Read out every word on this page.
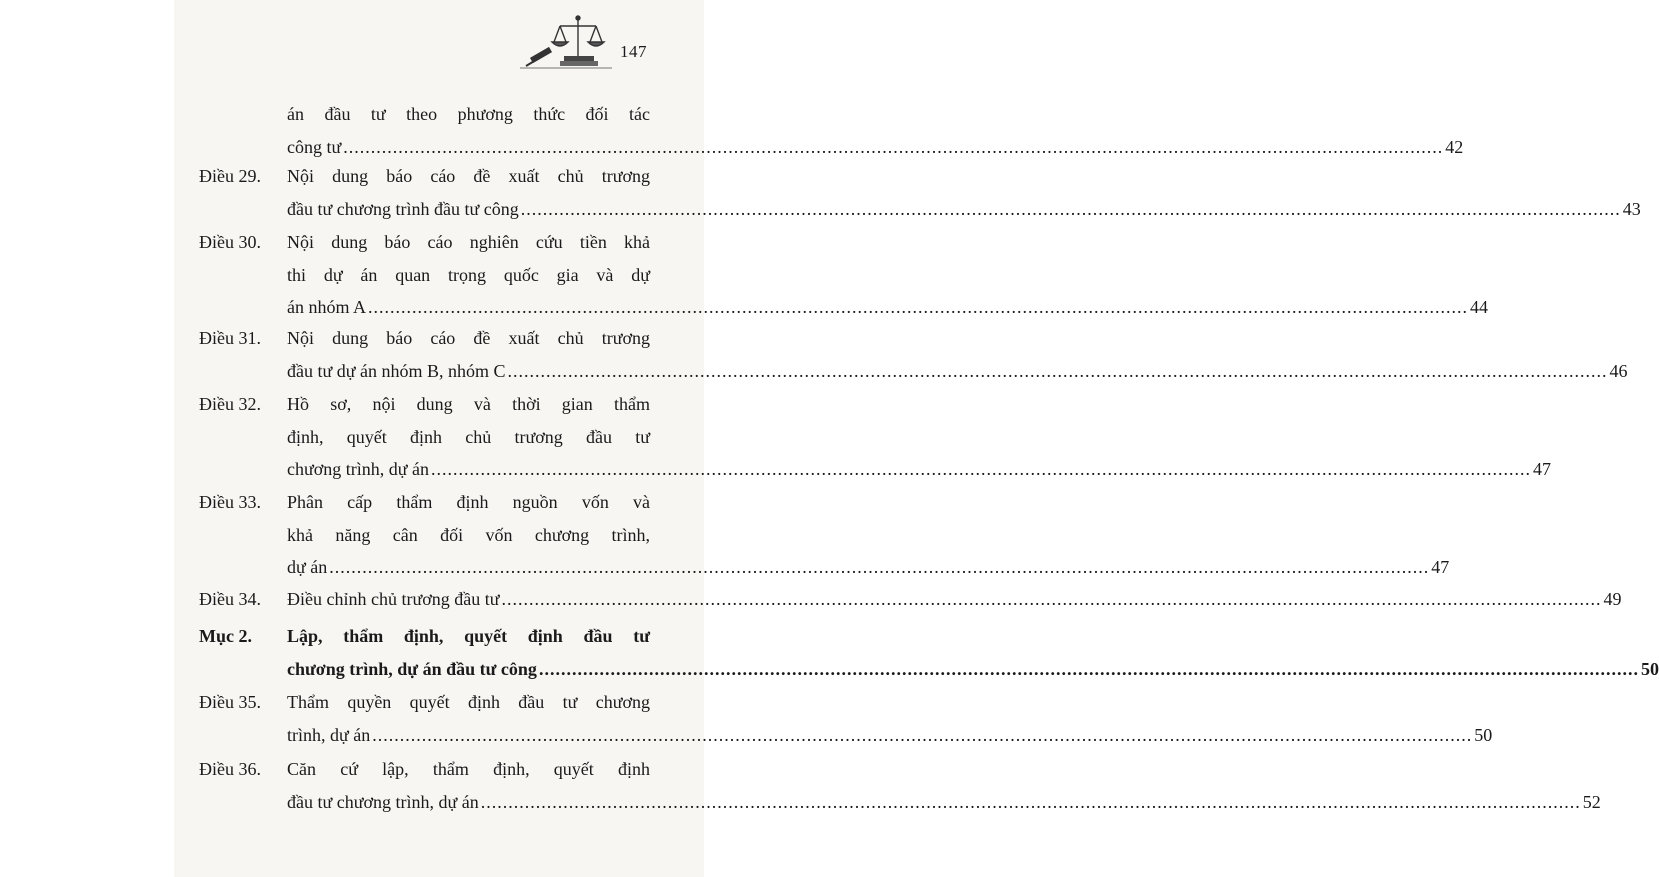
147
án đầu tư theo phương thức đối tác
công tư ........................................................................................................................................................................................................ 42
Điều 29. Nội dung báo cáo đề xuất chủ trương
đầu tư chương trình đầu tư công ........................................................................................................................................................................................................ 43
Điều 30. Nội dung báo cáo nghiên cứu tiền khả
thi dự án quan trọng quốc gia và dự
án nhóm A ........................................................................................................................................................................................................ 44
Điều 31. Nội dung báo cáo đề xuất chủ trương
đầu tư dự án nhóm B, nhóm C ........................................................................................................................................................................................................ 46
Điều 32. Hồ sơ, nội dung và thời gian thẩm
định, quyết định chủ trương đầu tư
chương trình, dự án ........................................................................................................................................................................................................ 47
Điều 33. Phân cấp thẩm định nguồn vốn và
khả năng cân đối vốn chương trình,
dự án ........................................................................................................................................................................................................ 47
Điều 34. Điều chỉnh chủ trương đầu tư ........................................................................................................................................................................................................ 49
Mục 2. Lập, thẩm định, quyết định đầu tư
chương trình, dự án đầu tư công ........................................................................................................................................................................................................ 50
Điều 35. Thẩm quyền quyết định đầu tư chương
trình, dự án ........................................................................................................................................................................................................ 50
Điều 36. Căn cứ lập, thẩm định, quyết định
đầu tư chương trình, dự án ........................................................................................................................................................................................................ 52
